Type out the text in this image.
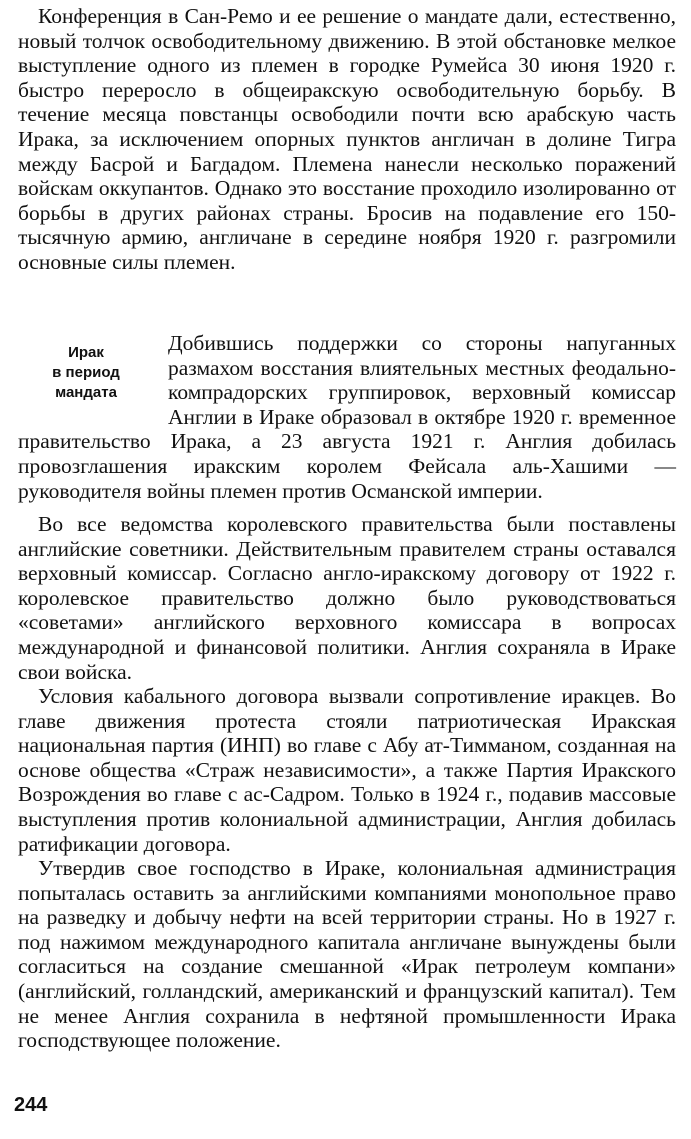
Конференция в Сан-Ремо и ее решение о мандате дали, естественно, новый толчок освободительному движению. В этой обстановке мелкое выступление одного из племен в городке Румейса 30 июня 1920 г. быстро переросло в общеиракскую освободительную борьбу. В течение месяца повстанцы освободили почти всю арабскую часть Ирака, за исключением опорных пунктов англичан в долине Тигра между Басрой и Багдадом. Племена нанесли несколько поражений войскам оккупантов. Однако это восстание проходило изолированно от борьбы в других районах страны. Бросив на подавление его 150-тысячную армию, англичане в середине ноября 1920 г. разгромили основные силы племен.

Ирак
в период
мандата

Добившись поддержки со стороны напуганных размахом восстания влиятельных местных феодально-компрадорских группировок, верховный комиссар Англии в Ираке образовал в октябре 1920 г. временное правительство Ирака, а 23 августа 1921 г. Англия добилась провозглашения иракским королем Фейсала аль-Хашими — руководителя войны племен против Османской империи.

Во все ведомства королевского правительства были поставлены английские советники. Действительным правителем страны оставался верховный комиссар. Согласно англо-иракскому договору от 1922 г. королевское правительство должно было руководствоваться «советами» английского верховного комиссара в вопросах международной и финансовой политики. Англия сохраняла в Ираке свои войска.

Условия кабального договора вызвали сопротивление иракцев. Во главе движения протеста стояли патриотическая Иракская национальная партия (ИНП) во главе с Абу ат-Тимманом, созданная на основе общества «Страж независимости», а также Партия Иракского Возрождения во главе с ас-Садром. Только в 1924 г., подавив массовые выступления против колониальной администрации, Англия добилась ратификации договора.

Утвердив свое господство в Ираке, колониальная администрация попыталась оставить за английскими компаниями монопольное право на разведку и добычу нефти на всей территории страны. Но в 1927 г. под нажимом международного капитала англичане вынуждены были согласиться на создание смешанной «Ирак петролеум компани» (английский, голландский, американский и французский капитал). Тем не менее Англия сохранила в нефтяной промышленности Ирака господствующее положение.

244
